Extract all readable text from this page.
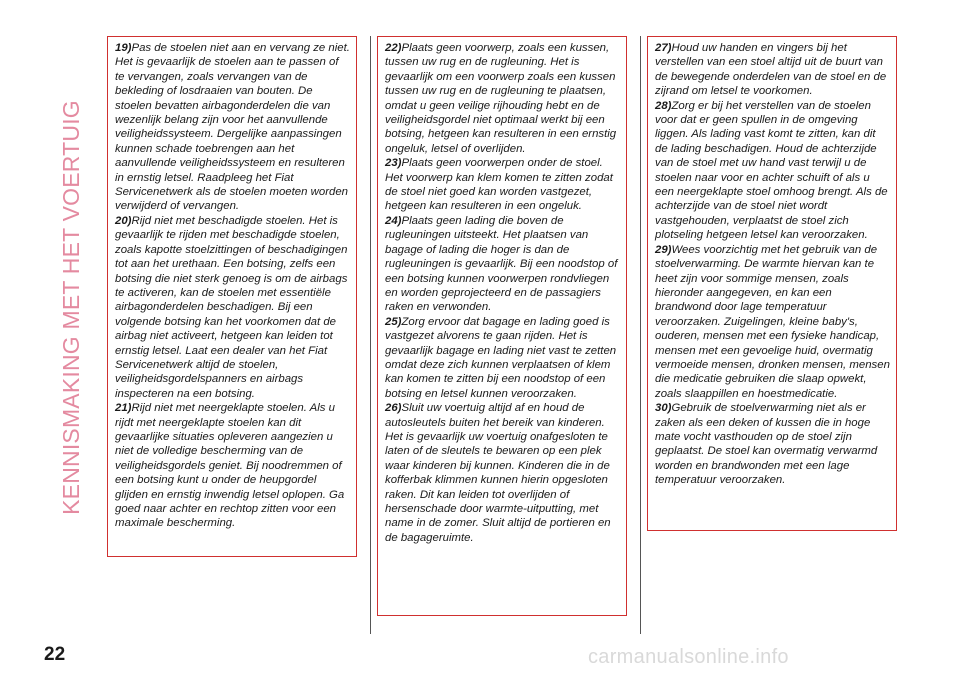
KENNISMAKING MET HET VOERTUIG

19)Pas de stoelen niet aan en vervang ze niet. Het is gevaarlijk de stoelen aan te passen of te vervangen, zoals vervangen van de bekleding of losdraaien van bouten. De stoelen bevatten airbagonderdelen die van wezenlijk belang zijn voor het aanvullende veiligheidssysteem. Dergelijke aanpassingen kunnen schade toebrengen aan het aanvullende veiligheidssysteem en resulteren in ernstig letsel. Raadpleeg het Fiat Servicenetwerk als de stoelen moeten worden verwijderd of vervangen.

20)Rijd niet met beschadigde stoelen. Het is gevaarlijk te rijden met beschadigde stoelen, zoals kapotte stoelzittingen of beschadigingen tot aan het urethaan. Een botsing, zelfs een botsing die niet sterk genoeg is om de airbags te activeren, kan de stoelen met essentiële airbagonderdelen beschadigen. Bij een volgende botsing kan het voorkomen dat de airbag niet activeert, hetgeen kan leiden tot ernstig letsel. Laat een dealer van het Fiat Servicenetwerk altijd de stoelen, veiligheidsgordelspanners en airbags inspecteren na een botsing.

21)Rijd niet met neergeklapte stoelen. Als u rijdt met neergeklapte stoelen kan dit gevaarlijke situaties opleveren aangezien u niet de volledige bescherming van de veiligheidsgordels geniet. Bij noodremmen of een botsing kunt u onder de heupgordel glijden en ernstig inwendig letsel oplopen. Ga goed naar achter en rechtop zitten voor een maximale bescherming.

22)Plaats geen voorwerp, zoals een kussen, tussen uw rug en de rugleuning. Het is gevaarlijk om een voorwerp zoals een kussen tussen uw rug en de rugleuning te plaatsen, omdat u geen veilige rijhouding hebt en de veiligheidsgordel niet optimaal werkt bij een botsing, hetgeen kan resulteren in een ernstig ongeluk, letsel of overlijden.

23)Plaats geen voorwerpen onder de stoel. Het voorwerp kan klem komen te zitten zodat de stoel niet goed kan worden vastgezet, hetgeen kan resulteren in een ongeluk.

24)Plaats geen lading die boven de rugleuningen uitsteekt. Het plaatsen van bagage of lading die hoger is dan de rugleuningen is gevaarlijk. Bij een noodstop of een botsing kunnen voorwerpen rondvliegen en worden geprojecteerd en de passagiers raken en verwonden.

25)Zorg ervoor dat bagage en lading goed is vastgezet alvorens te gaan rijden. Het is gevaarlijk bagage en lading niet vast te zetten omdat deze zich kunnen verplaatsen of klem kan komen te zitten bij een noodstop of een botsing en letsel kunnen veroorzaken.

26)Sluit uw voertuig altijd af en houd de autosleutels buiten het bereik van kinderen. Het is gevaarlijk uw voertuig onafgesloten te laten of de sleutels te bewaren op een plek waar kinderen bij kunnen. Kinderen die in de kofferbak klimmen kunnen hierin opgesloten raken. Dit kan leiden tot overlijden of hersenschade door warmte-uitputting, met name in de zomer. Sluit altijd de portieren en de bagageruimte.

27)Houd uw handen en vingers bij het verstellen van een stoel altijd uit de buurt van de bewegende onderdelen van de stoel en de zijrand om letsel te voorkomen.

28)Zorg er bij het verstellen van de stoelen voor dat er geen spullen in de omgeving liggen. Als lading vast komt te zitten, kan dit de lading beschadigen. Houd de achterzijde van de stoel met uw hand vast terwijl u de stoelen naar voor en achter schuift of als u een neergeklapte stoel omhoog brengt. Als de achterzijde van de stoel niet wordt vastgehouden, verplaatst de stoel zich plotseling hetgeen letsel kan veroorzaken.

29)Wees voorzichtig met het gebruik van de stoelverwarming. De warmte hiervan kan te heet zijn voor sommige mensen, zoals hieronder aangegeven, en kan een brandwond door lage temperatuur veroorzaken. Zuigelingen, kleine baby's, ouderen, mensen met een fysieke handicap, mensen met een gevoelige huid, overmatig vermoeide mensen, dronken mensen, mensen die medicatie gebruiken die slaap opwekt, zoals slaappillen en hoestmedicatie.

30)Gebruik de stoelverwarming niet als er zaken als een deken of kussen die in hoge mate vocht vasthouden op de stoel zijn geplaatst. De stoel kan overmatig verwarmd worden en brandwonden met een lage temperatuur veroorzaken.

22	carmanualsonline.info
